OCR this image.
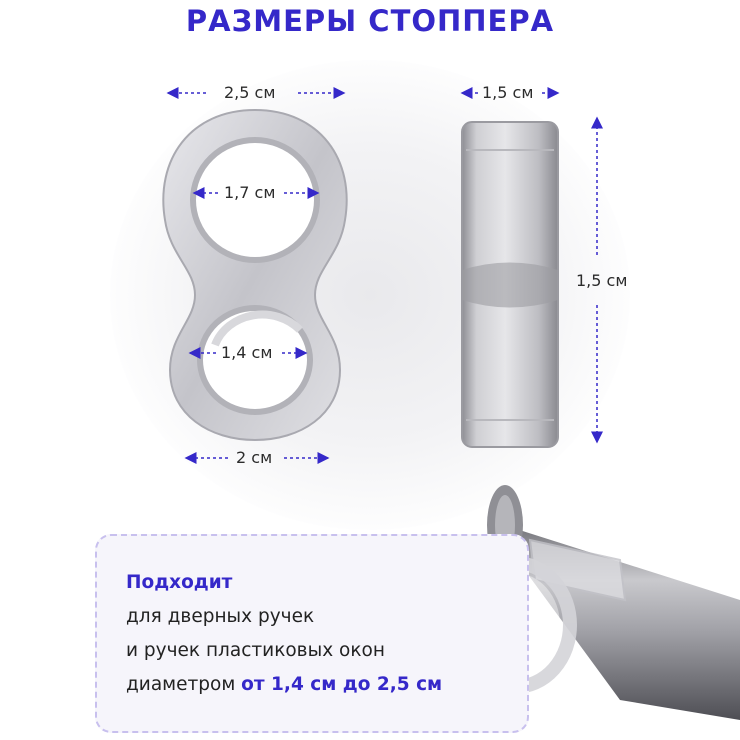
РАЗМЕРЫ СТОППЕРА
2,5 см
1,7 см
1,4 см
2 см
1,5 см
1,5 см
Подходит
для дверных ручек
и ручек пластиковых окон
диаметром от 1,4 см до 2,5 см
